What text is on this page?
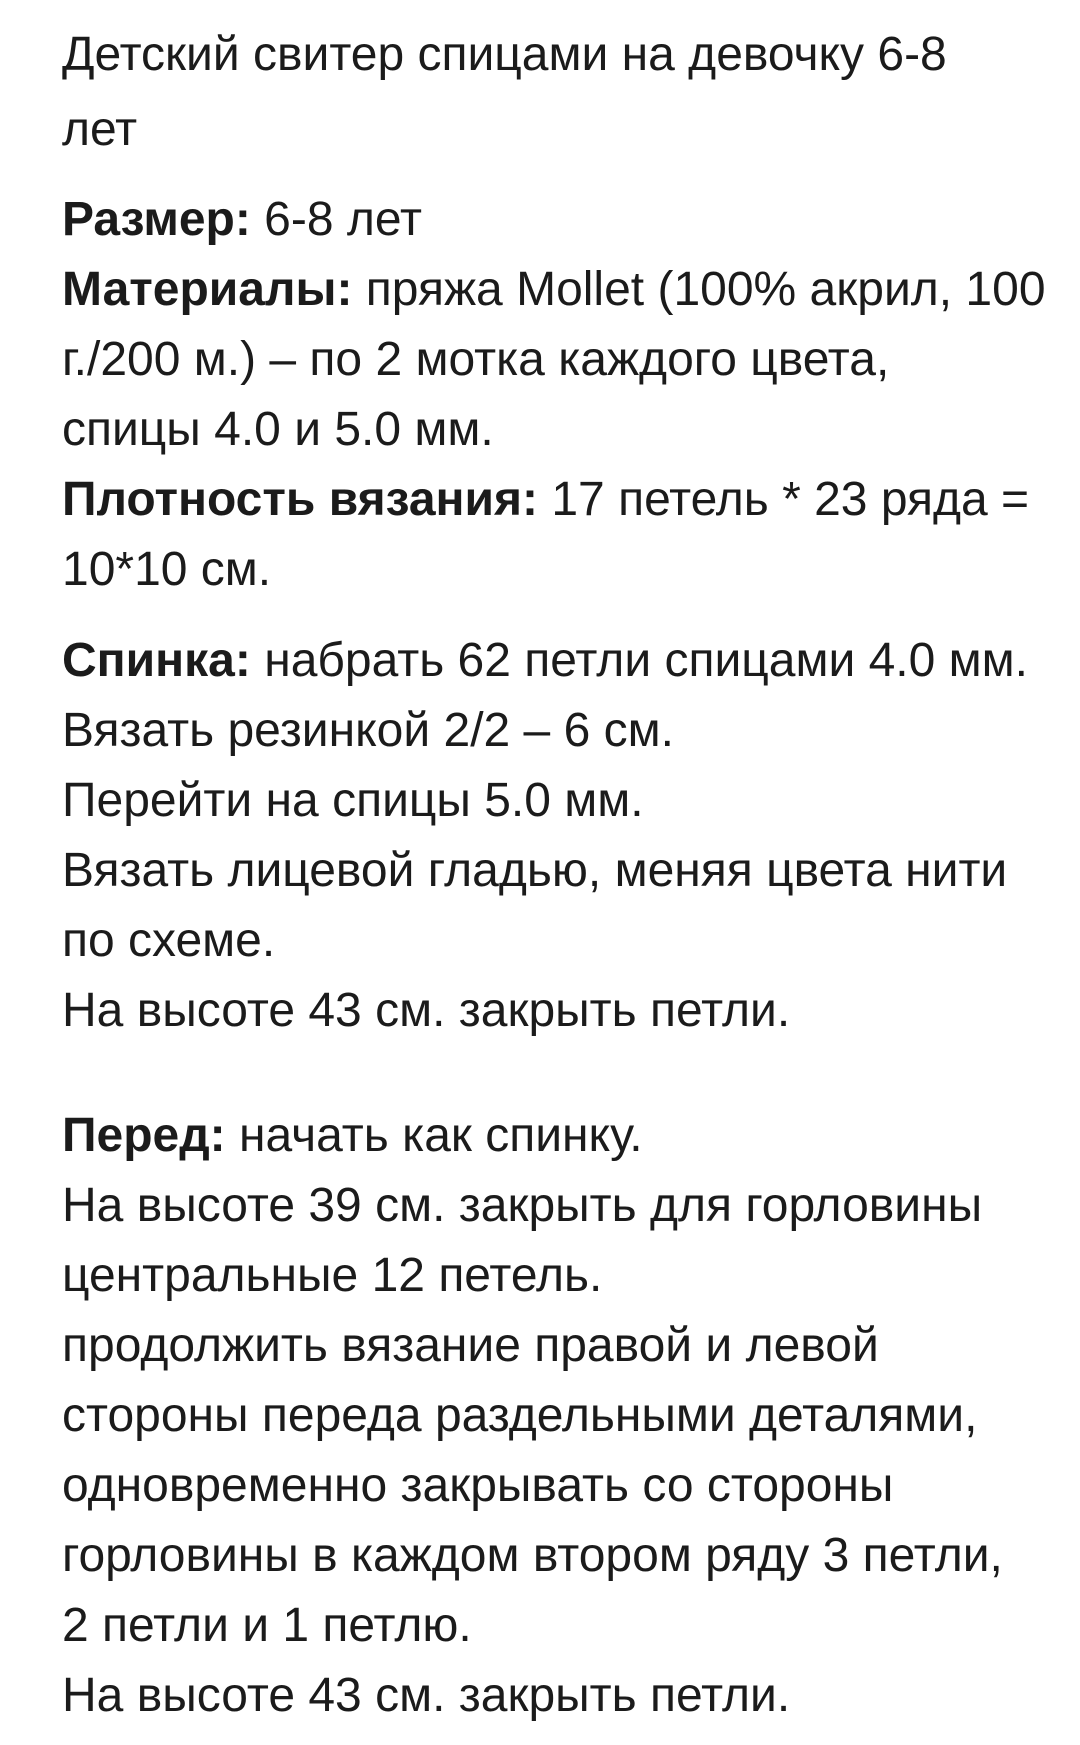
Детский свитер спицами на девочку 6-8
лет
Размер: 6-8 лет
Материалы: пряжа Mollet (100% акрил, 100
г./200 м.) – по 2 мотка каждого цвета,
спицы 4.0 и 5.0 мм.
Плотность вязания: 17 петель * 23 ряда =
10*10 см.
Спинка: набрать 62 петли спицами 4.0 мм.
Вязать резинкой 2/2 – 6 см.
Перейти на спицы 5.0 мм.
Вязать лицевой гладью, меняя цвета нити
по схеме.
На высоте 43 см. закрыть петли.
Перед: начать как спинку.
На высоте 39 см. закрыть для горловины
центральные 12 петель.
продолжить вязание правой и левой
стороны переда раздельными деталями,
одновременно закрывать со стороны
горловины в каждом втором ряду 3 петли,
2 петли и 1 петлю.
На высоте 43 см. закрыть петли.
